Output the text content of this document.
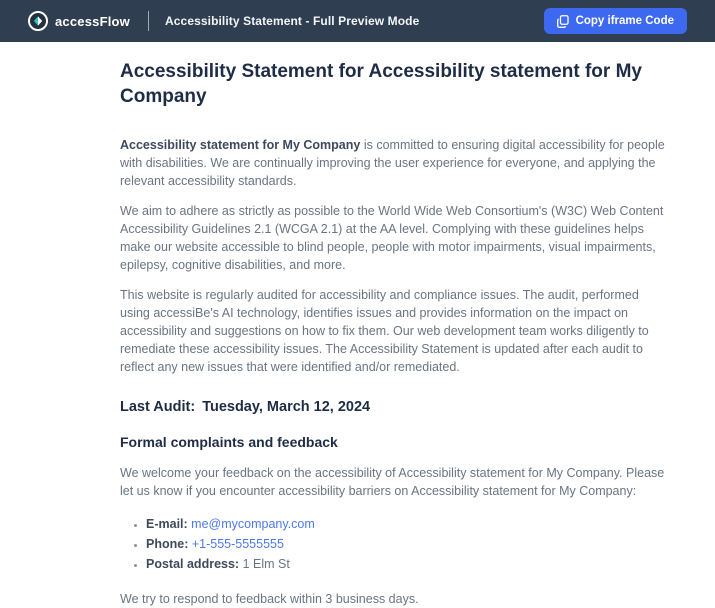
accessFlow	Accessibility Statement - Full Preview Mode	Copy iframe Code
Accessibility Statement for Accessibility statement for My Company

Accessibility statement for My Company is committed to ensuring digital accessibility for people with disabilities. We are continually improving the user experience for everyone, and applying the relevant accessibility standards.

We aim to adhere as strictly as possible to the World Wide Web Consortium's (W3C) Web Content Accessibility Guidelines 2.1 (WCGA 2.1) at the AA level. Complying with these guidelines helps make our website accessible to blind people, people with motor impairments, visual impairments, epilepsy, cognitive disabilities, and more.

This website is regularly audited for accessibility and compliance issues. The audit, performed using accessiBe's AI technology, identifies issues and provides information on the impact on accessibility and suggestions on how to fix them. Our web development team works diligently to remediate these accessibility issues. The Accessibility Statement is updated after each audit to reflect any new issues that were identified and/or remediated.

Last Audit: Tuesday, March 12, 2024
Formal complaints and feedback

We welcome your feedback on the accessibility of Accessibility statement for My Company. Please let us know if you encounter accessibility barriers on Accessibility statement for My Company:

• E-mail: me@mycompany.com
• Phone: +1-555-5555555
• Postal address: 1 Elm St

We try to respond to feedback within 3 business days.
